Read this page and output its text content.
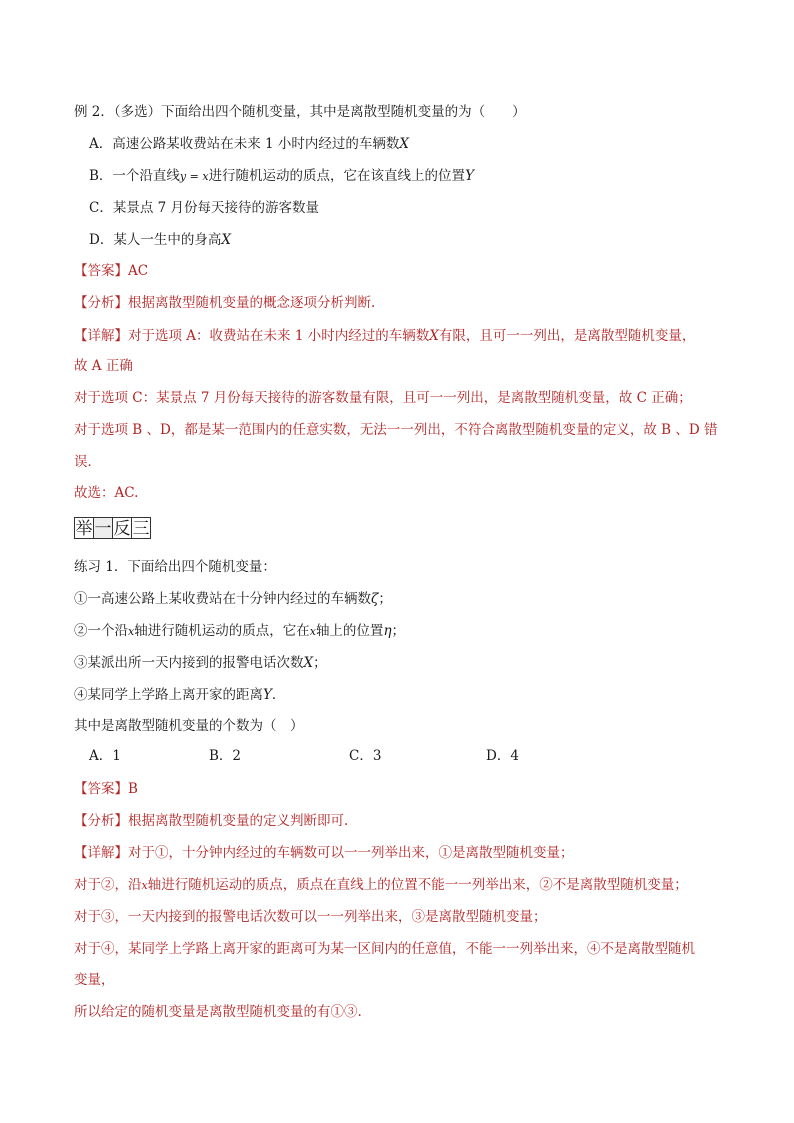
例 2．（多选）下面给出四个随机变量，其中是离散型随机变量的为（　　）
A．高速公路某收费站在未来 1 小时内经过的车辆数X
B．一个沿直线y = x进行随机运动的质点，它在该直线上的位置Y
C．某景点 7 月份每天接待的游客数量
D．某人一生中的身高X
【答案】AC
【分析】根据离散型随机变量的概念逐项分析判断.
【详解】对于选项 A：收费站在未来 1 小时内经过的车辆数X有限，且可一一列出，是离散型随机变量，
故 A 正确
对于选项 C：某景点 7 月份每天接待的游客数量有限，且可一一列出，是离散型随机变量，故 C 正确；
对于选项 B 、D，都是某一范围内的任意实数，无法一一列出，不符合离散型随机变量的定义，故 B 、D 错
误．
故选：AC.
举 一 反 三
练习 1．下面给出四个随机变量：
①一高速公路上某收费站在十分钟内经过的车辆数ζ；
②一个沿x轴进行随机运动的质点，它在x轴上的位置η；
③某派出所一天内接到的报警电话次数X；
④某同学上学路上离开家的距离Y．
其中是离散型随机变量的个数为（　）
A．1	B．2	C．3	D．4
【答案】B
【分析】根据离散型随机变量的定义判断即可.
【详解】对于①，十分钟内经过的车辆数可以一一列举出来，①是离散型随机变量；
对于②，沿x轴进行随机运动的质点，质点在直线上的位置不能一一列举出来，②不是离散型随机变量；
对于③，一天内接到的报警电话次数可以一一列举出来，③是离散型随机变量；
对于④，某同学上学路上离开家的距离可为某一区间内的任意值，不能一一列举出来，④不是离散型随机
变量，
所以给定的随机变量是离散型随机变量的有①③.
